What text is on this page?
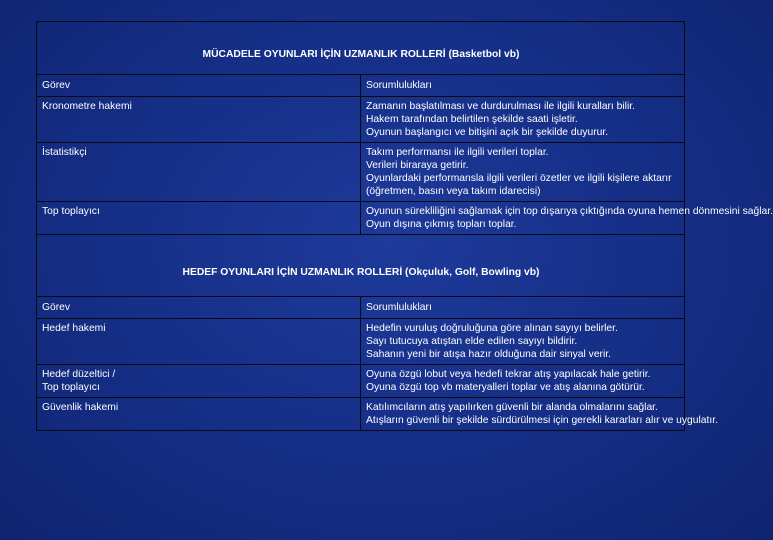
MÜCADELE OYUNLARI İÇİN UZMANLIK ROLLERİ (Basketbol vb)	
Görev	Sorumlulukları
Kronometre hakemi	Zamanın başlatılması ve durdurulması ile ilgili kuralları bilir.
Hakem tarafından belirtilen şekilde saati işletir.
Oyunun başlangıcı ve bitişini açık bir şekilde duyurur.

İstatistikçi	Takım performansı ile ilgili verileri toplar.
Verileri biraraya getirir.
Oyunlardaki performansla ilgili verileri özetler ve ilgili kişilere aktarır
(öğretmen, basın veya takım idarecisi)

Top toplayıcı	Oyunun sürekliliğini sağlamak için top dışarıya çıktığında oyuna hemen dönmesini sağlar.
Oyun dışına çıkmış topları toplar.

HEDEF OYUNLARI İÇİN UZMANLIK ROLLERİ (Okçuluk, Golf, Bowling vb)	
Görev	Sorumlulukları

Hedef hakemi	Hedefin vuruluş doğruluğuna göre alınan sayıyı belirler.
Sayı tutucuya atıştan elde edilen sayıyı bildirir.
Sahanın yeni bir atışa hazır olduğuna dair sinyal verir.

Hedef düzeltici /
Top toplayıcı	Oyuna özgü lobut veya hedefi tekrar atış yapılacak hale getirir.
Oyuna özgü top vb materyalleri toplar ve atış alanına götürür.

Güvenlik hakemi	Katılımcıların atış yapılırken güvenli bir alanda olmalarını sağlar.
Atışların güvenli bir şekilde sürdürülmesi için gerekli kararları alır ve uygulatır.
